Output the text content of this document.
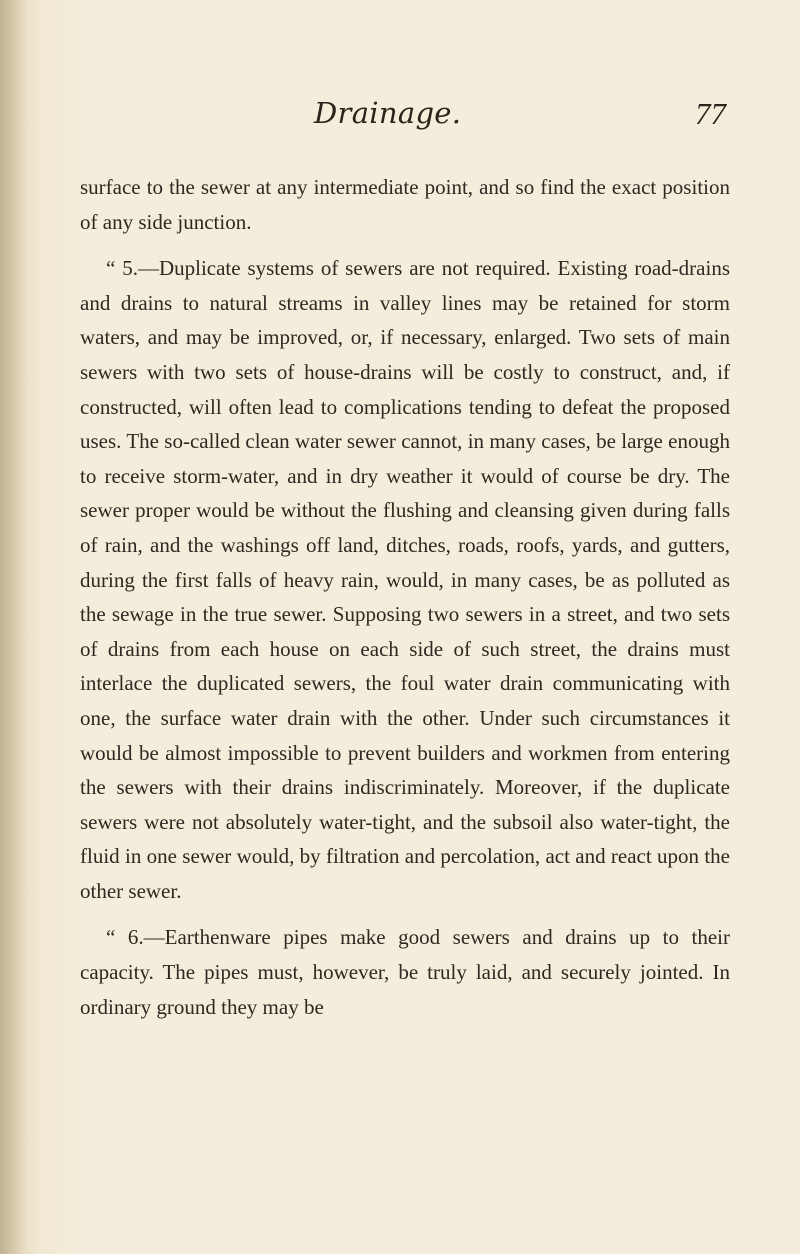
Drainage.	77

surface to the sewer at any intermediate point, and so find the exact position of any side junction.

“ 5.—Duplicate systems of sewers are not required. Existing road-drains and drains to natural streams in valley lines may be retained for storm waters, and may be improved, or, if necessary, enlarged. Two sets of main sewers with two sets of house-drains will be costly to construct, and, if constructed, will often lead to complications tending to defeat the proposed uses. The so-called clean water sewer cannot, in many cases, be large enough to receive storm-water, and in dry weather it would of course be dry. The sewer proper would be without the flushing and cleansing given during falls of rain, and the washings off land, ditches, roads, roofs, yards, and gutters, during the first falls of heavy rain, would, in many cases, be as polluted as the sewage in the true sewer. Supposing two sewers in a street, and two sets of drains from each house on each side of such street, the drains must interlace the duplicated sewers, the foul water drain communicating with one, the surface water drain with the other. Under such circumstances it would be almost impossible to prevent builders and workmen from entering the sewers with their drains indiscriminately. Moreover, if the duplicate sewers were not absolutely water-tight, and the subsoil also water-tight, the fluid in one sewer would, by filtration and percolation, act and react upon the other sewer.

“ 6.—Earthenware pipes make good sewers and drains up to their capacity. The pipes must, however, be truly laid, and securely jointed. In ordinary ground they may be
